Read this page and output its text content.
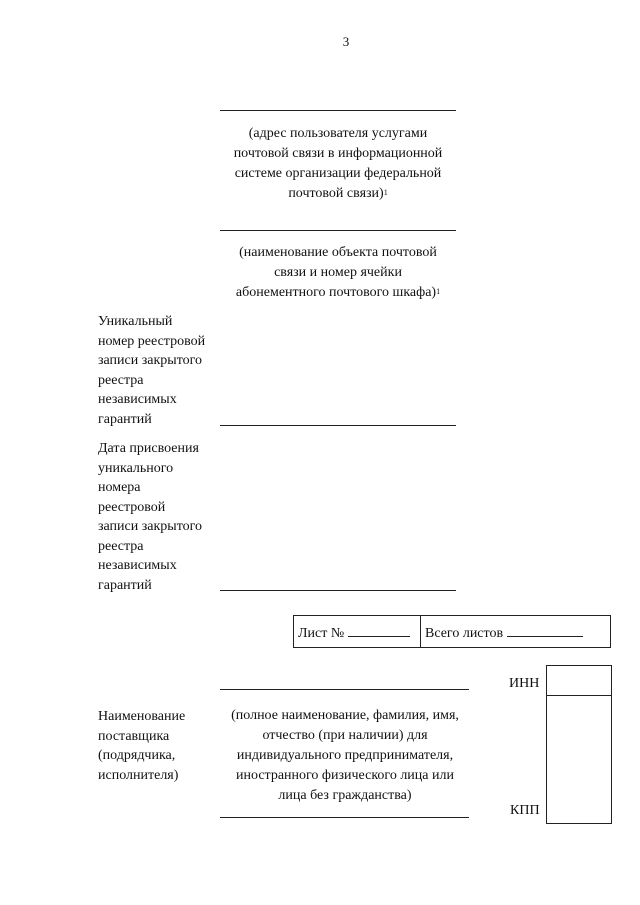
3
(адрес пользователя услугами
почтовой связи в информационной
системе организации федеральной
почтовой связи)$^1$
(наименование объекта почтовой
связи и номер ячейки
абонементного почтового шкафа)$^1$
Уникальный
номер реестровой
записи закрытого
реестра
независимых
гарантий
Дата присвоения
уникального
номера
реестровой
записи закрытого
реестра
независимых
гарантий
Лист №	Всего листов
Наименование
поставщика
(подрядчика,
исполнителя)
(полное наименование, фамилия, имя,
отчество (при наличии) для
индивидуального предпринимателя,
иностранного физического лица или
лица без гражданства)
ИНН
КПП
